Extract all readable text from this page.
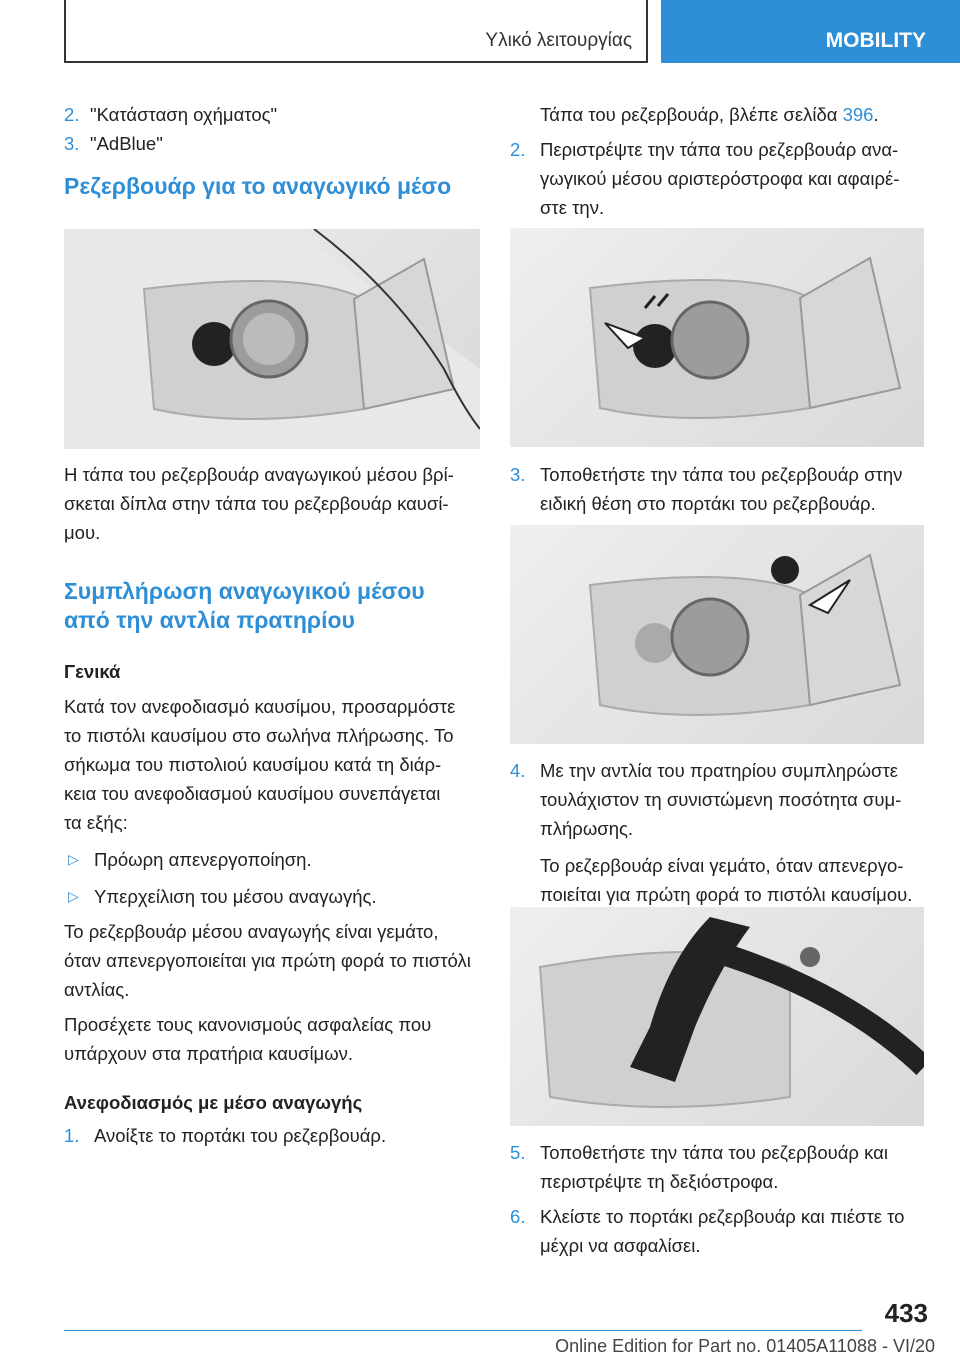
Υλικό λειτουργίας	MOBILITY
2. "Κατάσταση οχήματος"
3. "AdBlue"
Ρεζερβουάρ για το αναγωγικό μέσο

Η τάπα του ρεζερβουάρ αναγωγικού μέσου βρί-

σκεται δίπλα στην τάπα του ρεζερβουάρ καυσί-

μου.

Συμπλήρωση αναγωγικού μέσου
από την αντλία πρατηρίου
Γενικά

Κατά τον ανεφοδιασμό καυσίμου, προσαρμόστε

το πιστόλι καυσίμου στο σωλήνα πλήρωσης. Το

σήκωμα του πιστολιού καυσίμου κατά τη διάρ-

κεια του ανεφοδιασμού καυσίμου συνεπάγεται

τα εξής:

▷ Πρόωρη απενεργοποίηση.
▷ Υπερχείλιση του μέσου αναγωγής.

Το ρεζερβουάρ μέσου αναγωγής είναι γεμάτο,

όταν απενεργοποιείται για πρώτη φορά το πιστόλι

αντλίας.

Προσέχετε τους κανονισμούς ασφαλείας που

υπάρχουν στα πρατήρια καυσίμων.

Ανεφοδιασμός με μέσο αναγωγής
1. Ανοίξτε το πορτάκι του ρεζερβουάρ.
Τάπα του ρεζερβουάρ, βλέπε σελίδα 396.
2. Περιστρέψτε την τάπα του ρεζερβουάρ ανα-
γωγικού μέσου αριστερόστροφα και αφαιρέ-
στε την.
3. Τοποθετήστε την τάπα του ρεζερβουάρ στην
ειδική θέση στο πορτάκι του ρεζερβουάρ.
4. Με την αντλία του πρατηρίου συμπληρώστε
τουλάχιστον τη συνιστώμενη ποσότητα συμ-
πλήρωσης.
Το ρεζερβουάρ είναι γεμάτο, όταν απενεργο-
ποιείται για πρώτη φορά το πιστόλι καυσίμου.
5. Τοποθετήστε την τάπα του ρεζερβουάρ και
περιστρέψτε τη δεξιόστροφα.
6. Κλείστε το πορτάκι ρεζερβουάρ και πιέστε το
μέχρι να ασφαλίσει.
433
Online Edition for Part no. 01405A11088 - VI/20
